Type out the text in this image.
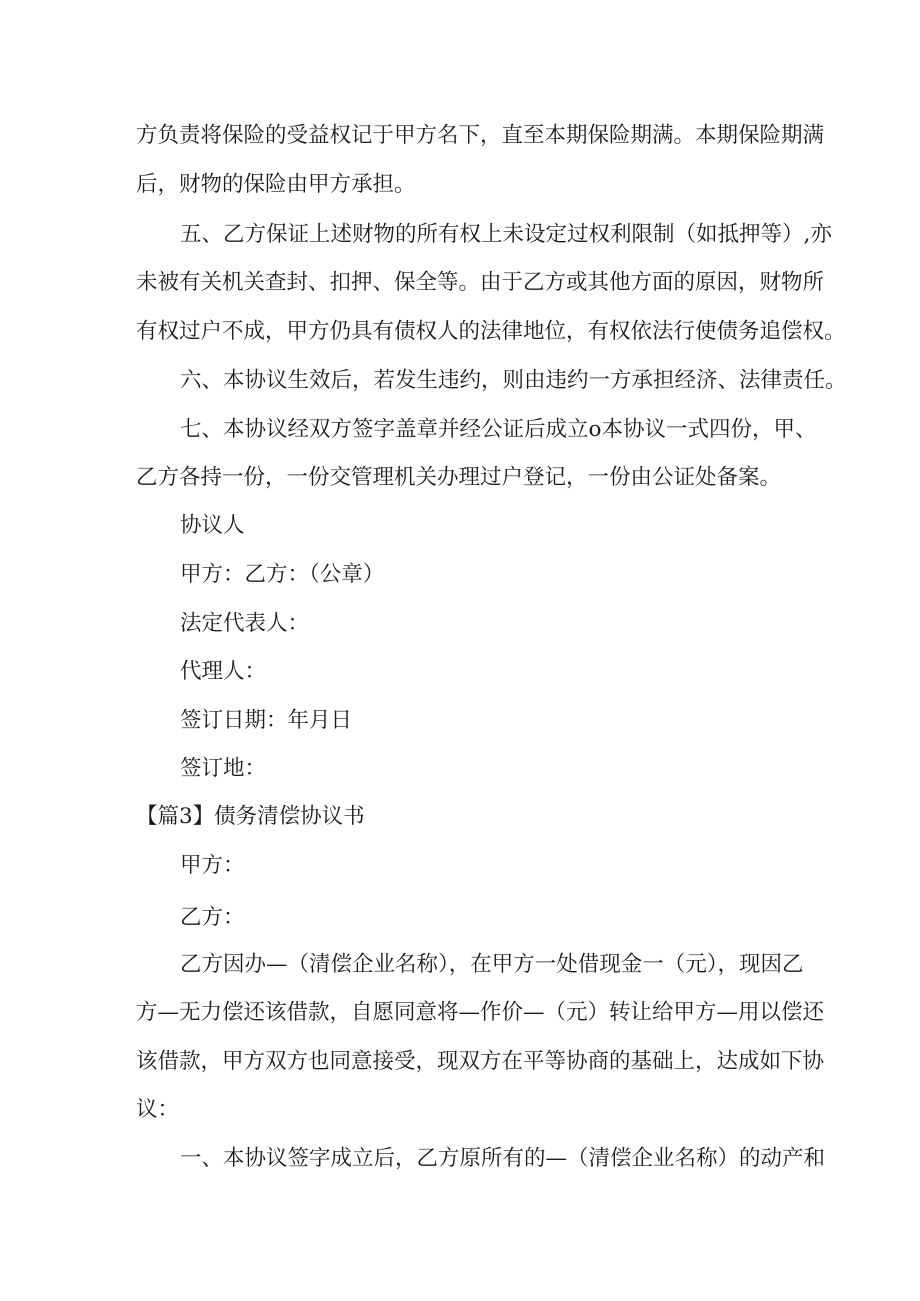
方负责将保险的受益权记于甲方名下，直至本期保险期满。本期保险期满
后，财物的保险由甲方承担。
五、乙方保证上述财物的所有权上未设定过权利限制（如抵押等）,亦
未被有关机关查封、扣押、保全等。由于乙方或其他方面的原因，财物所
有权过户不成，甲方仍具有债权人的法律地位，有权依法行使债务追偿权。
六、本协议生效后，若发生违约，则由违约一方承担经济、法律责任。
七、本协议经双方签字盖章并经公证后成立ο本协议一式四份，甲、
乙方各持一份，一份交管理机关办理过户登记，一份由公证处备案。
协议人
甲方：乙方：（公章）
法定代表人：
代理人：
签订日期：年月日
签订地：
【篇3】债务清偿协议书
甲方：
乙方：
乙方因办—（清偿企业名称），在甲方一处借现金一（元），现因乙
方—无力偿还该借款，自愿同意将—作价—（元）转让给甲方—用以偿还
该借款，甲方双方也同意接受，现双方在平等协商的基础上，达成如下协
议：
一、本协议签字成立后，乙方原所有的—（清偿企业名称）的动产和
